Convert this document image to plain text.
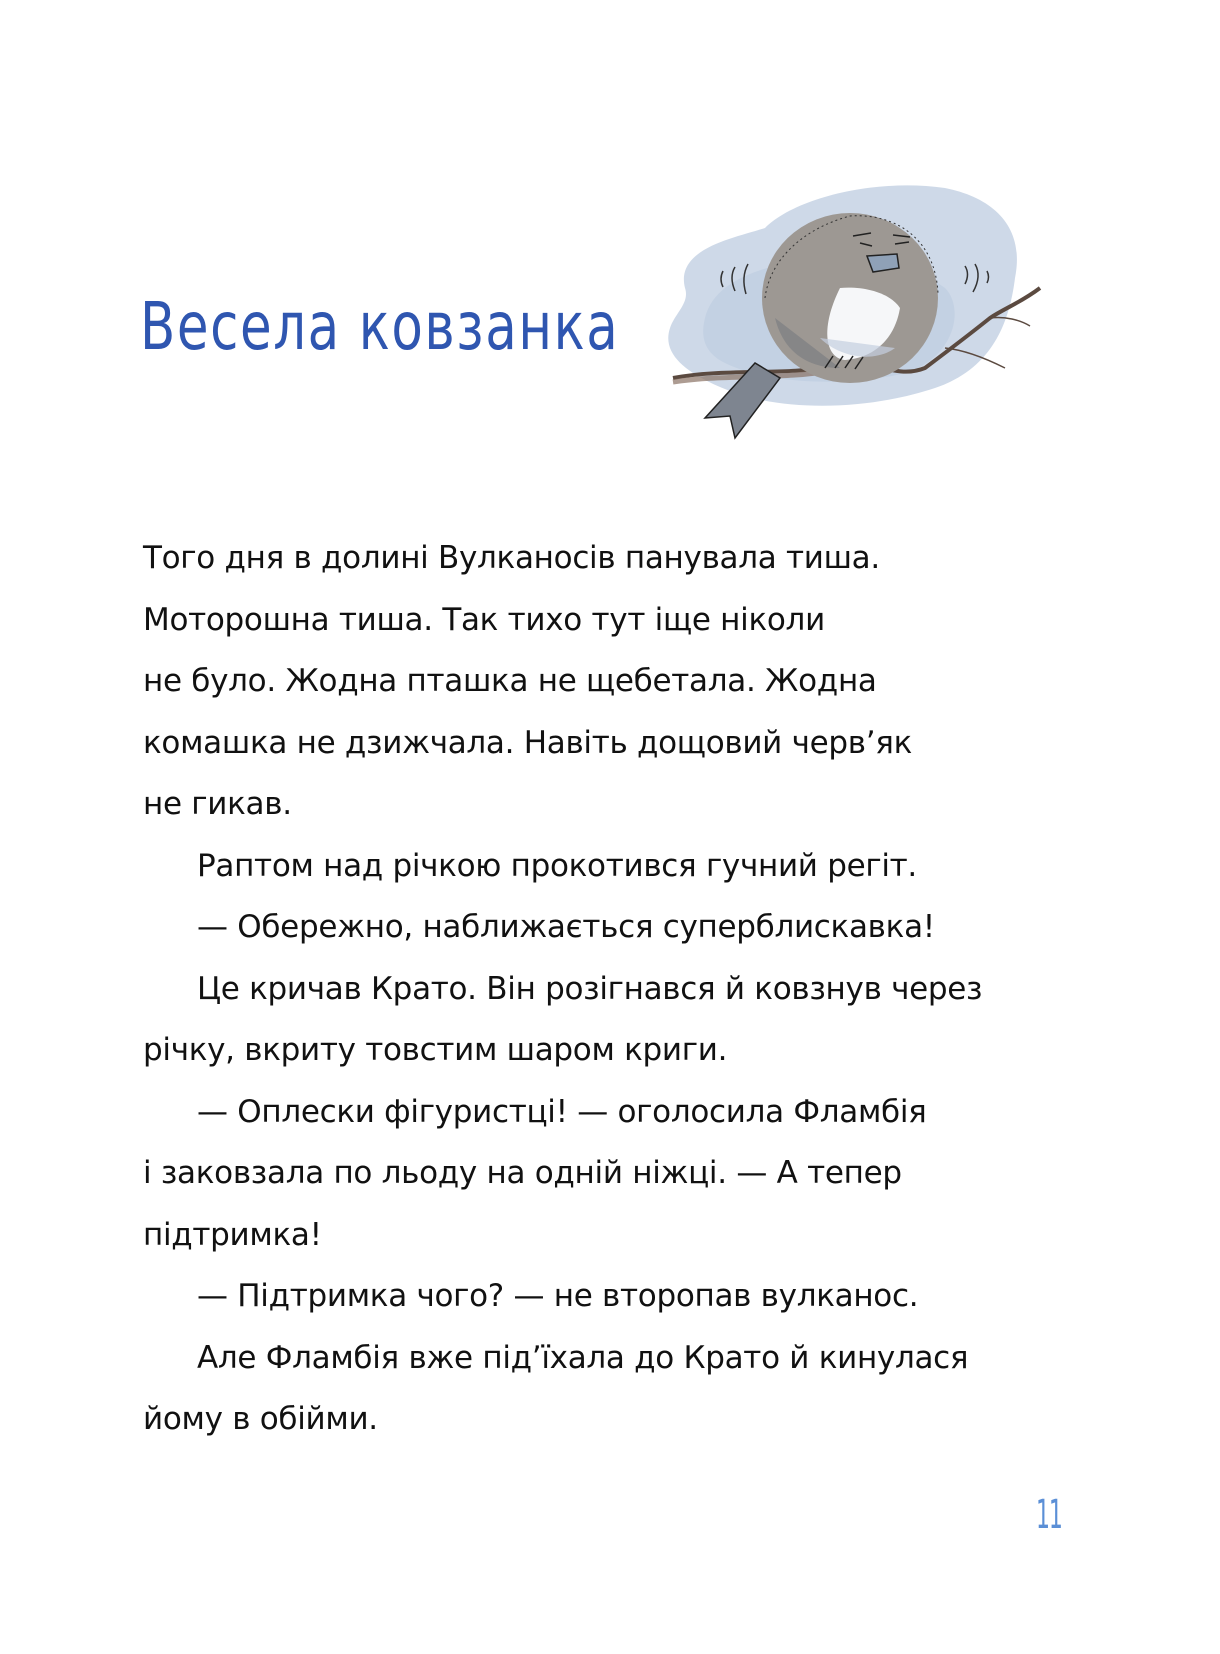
Весела ковзанка
Того дня в долині Вулканосів панувала тиша.
Моторошна тиша. Так тихо тут іще ніколи
не було. Жодна пташка не щебетала. Жодна
комашка не дзижчала. Навіть дощовий черв’як
не гикав.
Раптом над річкою прокотився гучний регіт.
— Обережно, наближається суперблискавка!
Це кричав Крато. Він розігнався й ковзнув через
річку, вкриту товстим шаром криги.
— Оплески фігуристці! — оголосила Фламбія
і заковзала по льоду на одній ніжці. — А тепер
підтримка!
— Підтримка чого? — не второпав вулканос.
Але Фламбія вже під’їхала до Крато й кинулася
йому в обійми.
11
